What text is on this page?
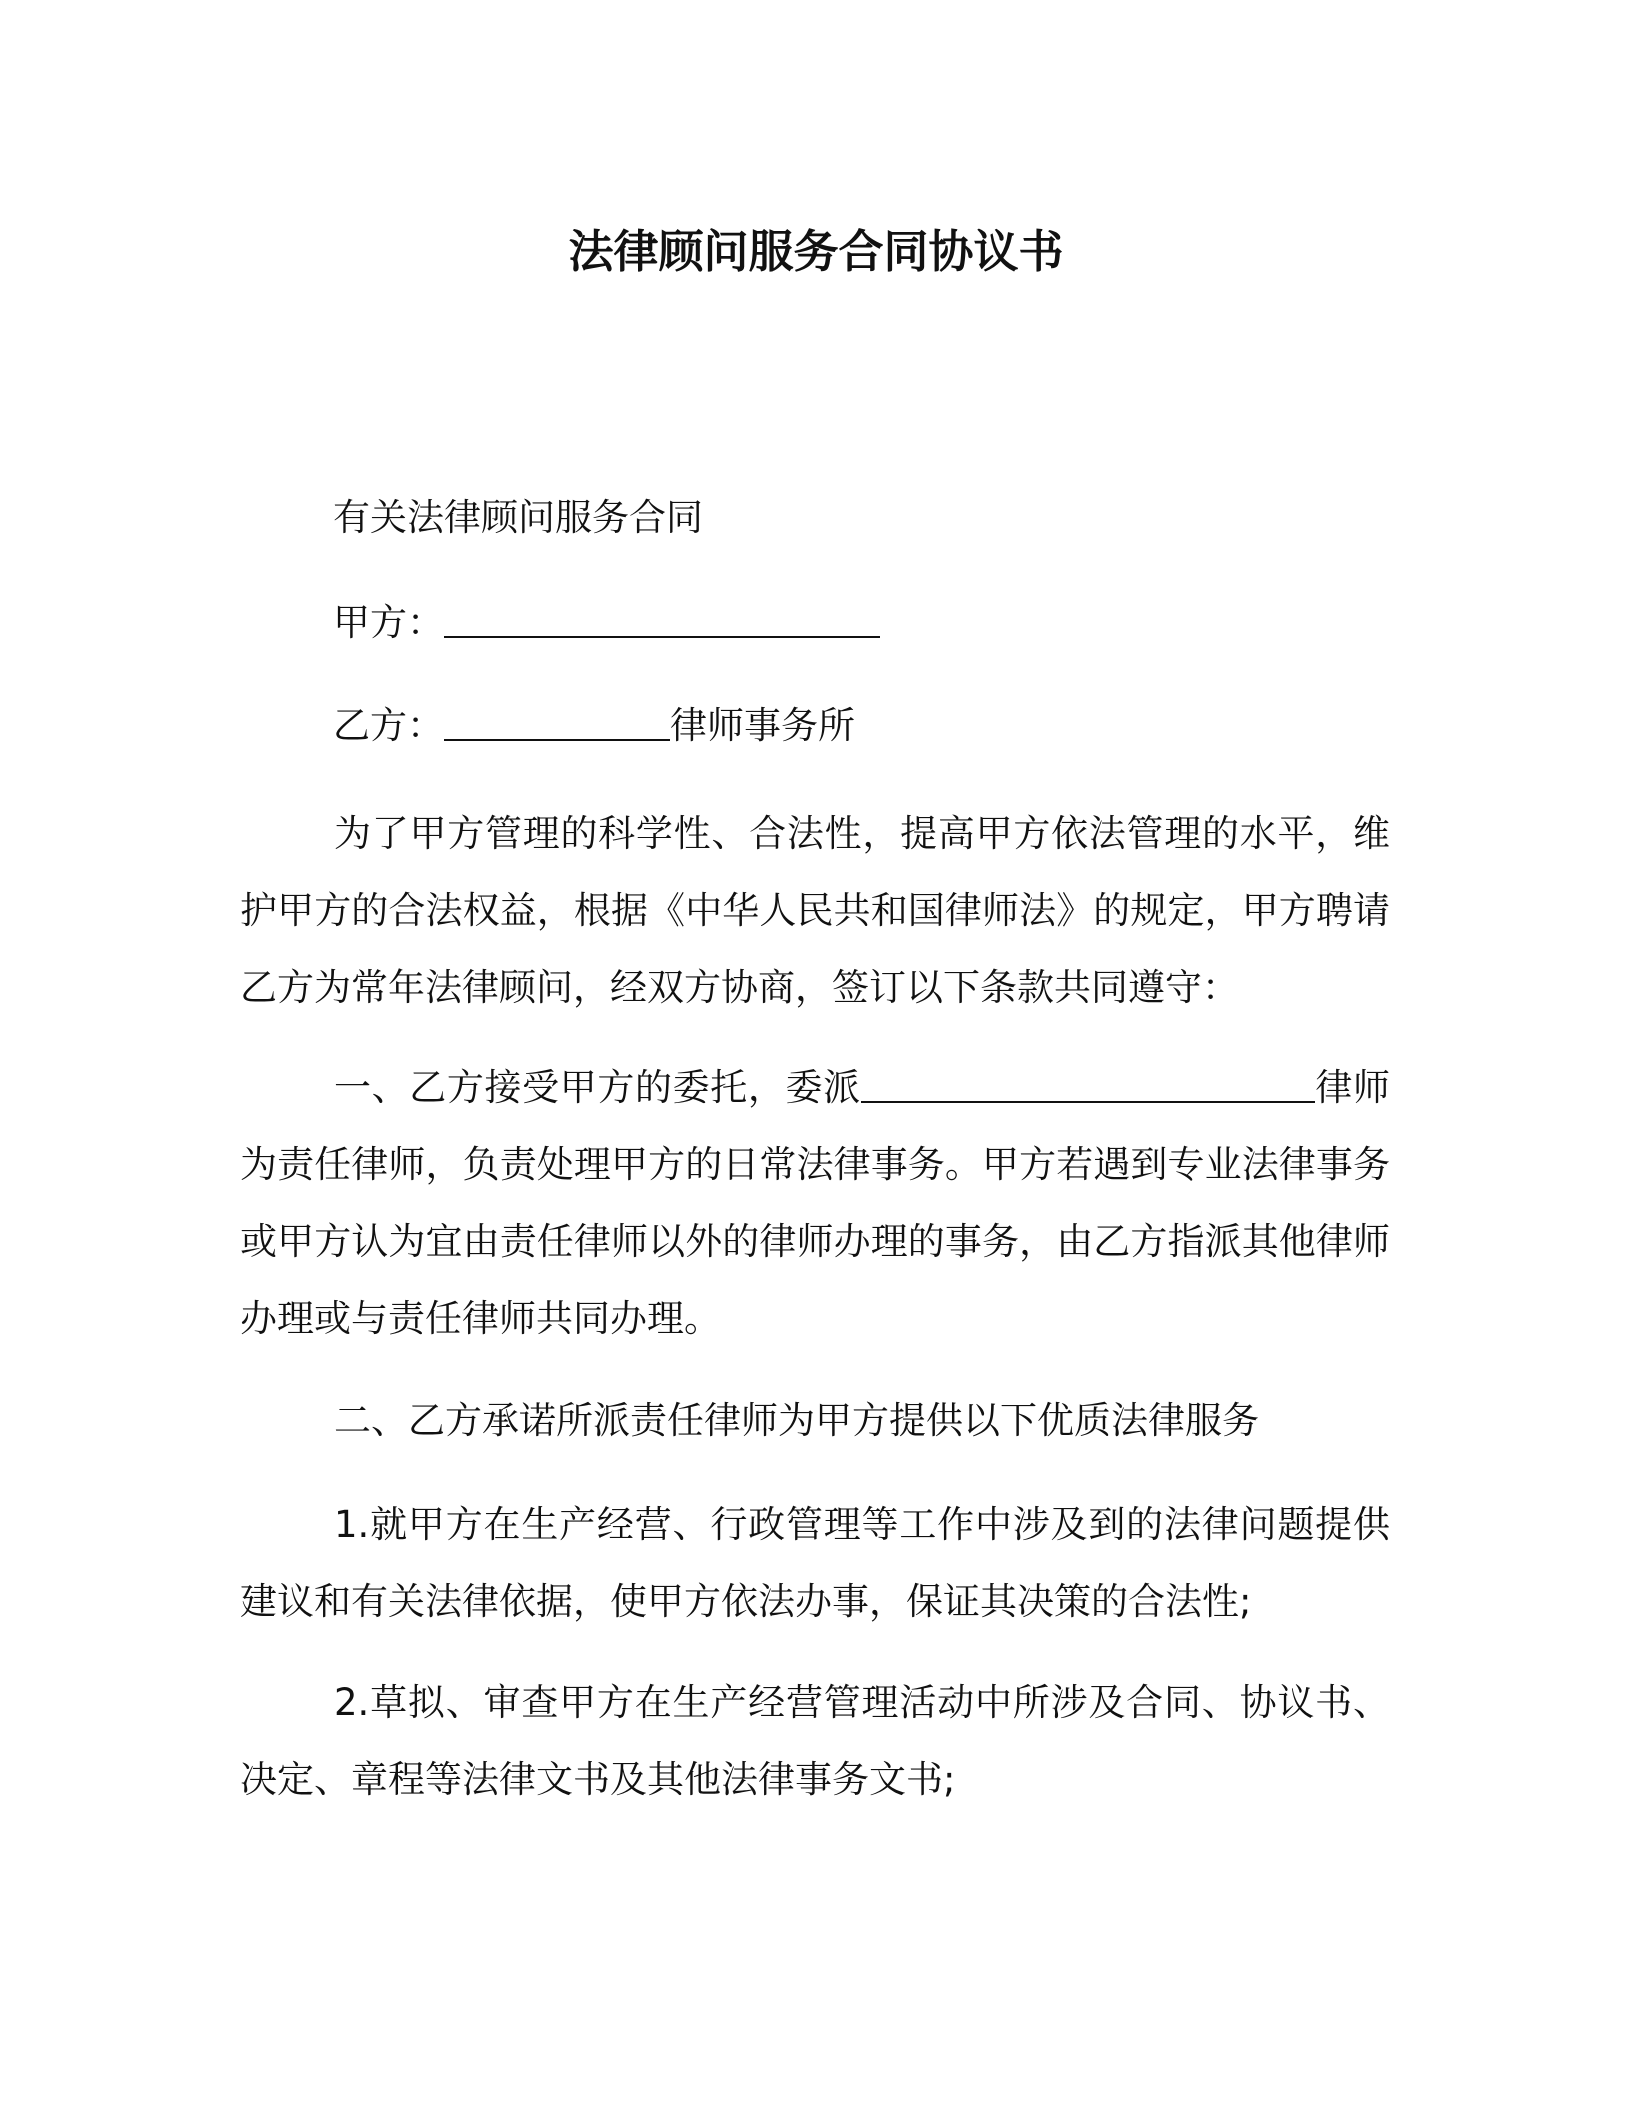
法律顾问服务合同协议书
有关法律顾问服务合同
甲方：
乙方：	律师事务所
为了甲方管理的科学性、合法性，提高甲方依法管理的水平，维护甲方的合法权益，根据《中华人民共和国律师法》的规定，甲方聘请乙方为常年法律顾问，经双方协商，签订以下条款共同遵守：
一、乙方接受甲方的委托，委派	律师为责任律师，负责处理甲方的日常法律事务。甲方若遇到专业法律事务或甲方认为宜由责任律师以外的律师办理的事务，由乙方指派其他律师办理或与责任律师共同办理。
二、乙方承诺所派责任律师为甲方提供以下优质法律服务
1.就甲方在生产经营、行政管理等工作中涉及到的法律问题提供建议和有关法律依据，使甲方依法办事，保证其决策的合法性;
2.草拟、审查甲方在生产经营管理活动中所涉及合同、协议书、决定、章程等法律文书及其他法律事务文书;
